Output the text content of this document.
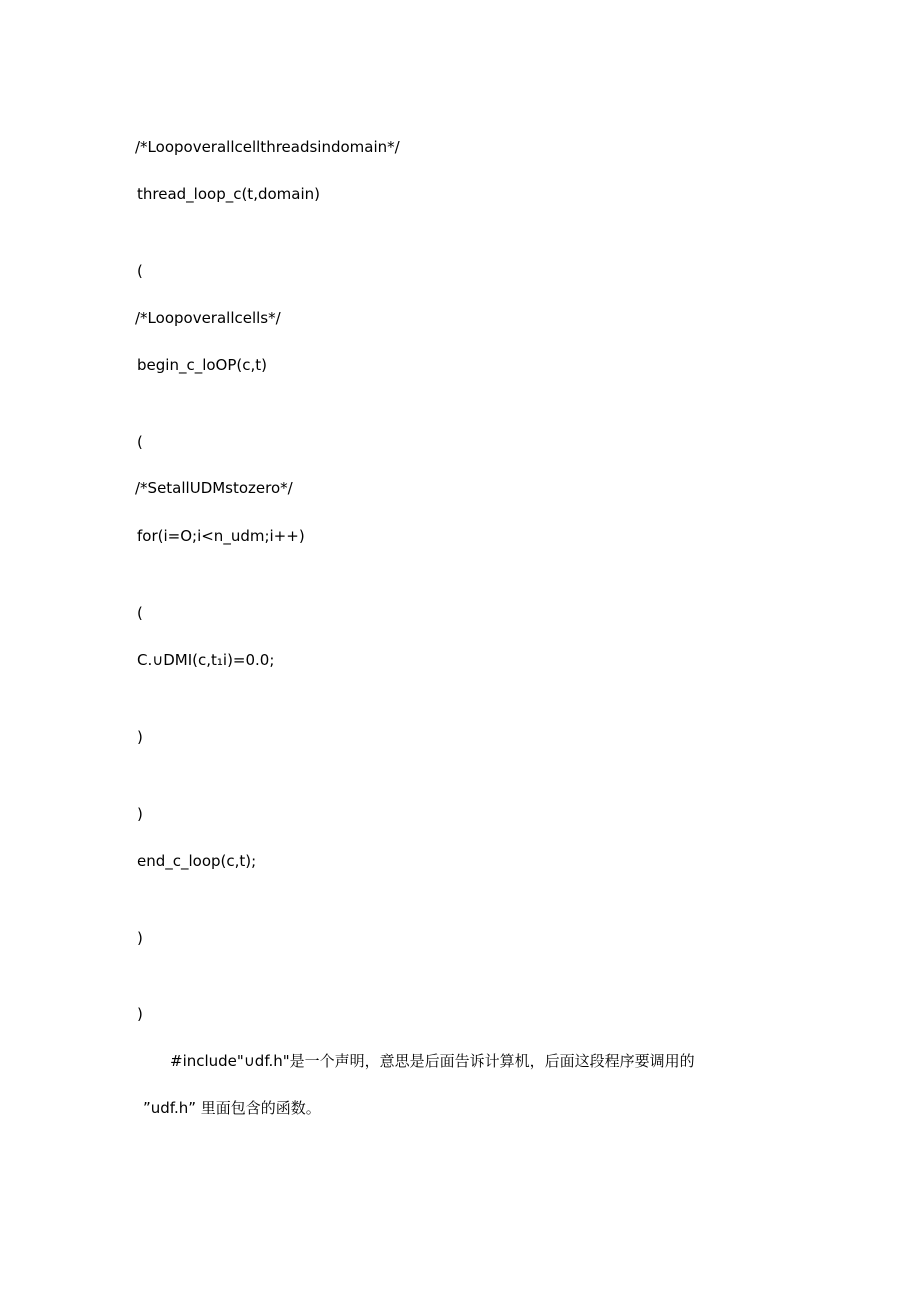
/*Loopoverallcellthreadsindomain*/
thread_loop_c(t,domain)
(
/*Loopoverallcells*/
begin_c_loOP(c,t)
(
/*SetallUDMstozero*/
for(i=O;i<n_udm;i++)
(
C.∪DMI(c,t₁i)=0.0;
)
)
end_c_loop(c,t);
)
)
#include"∪df.h"是一个声明，意思是后面告诉计算机，后面这段程序要调用的
”udf.h” 里面包含的函数。
